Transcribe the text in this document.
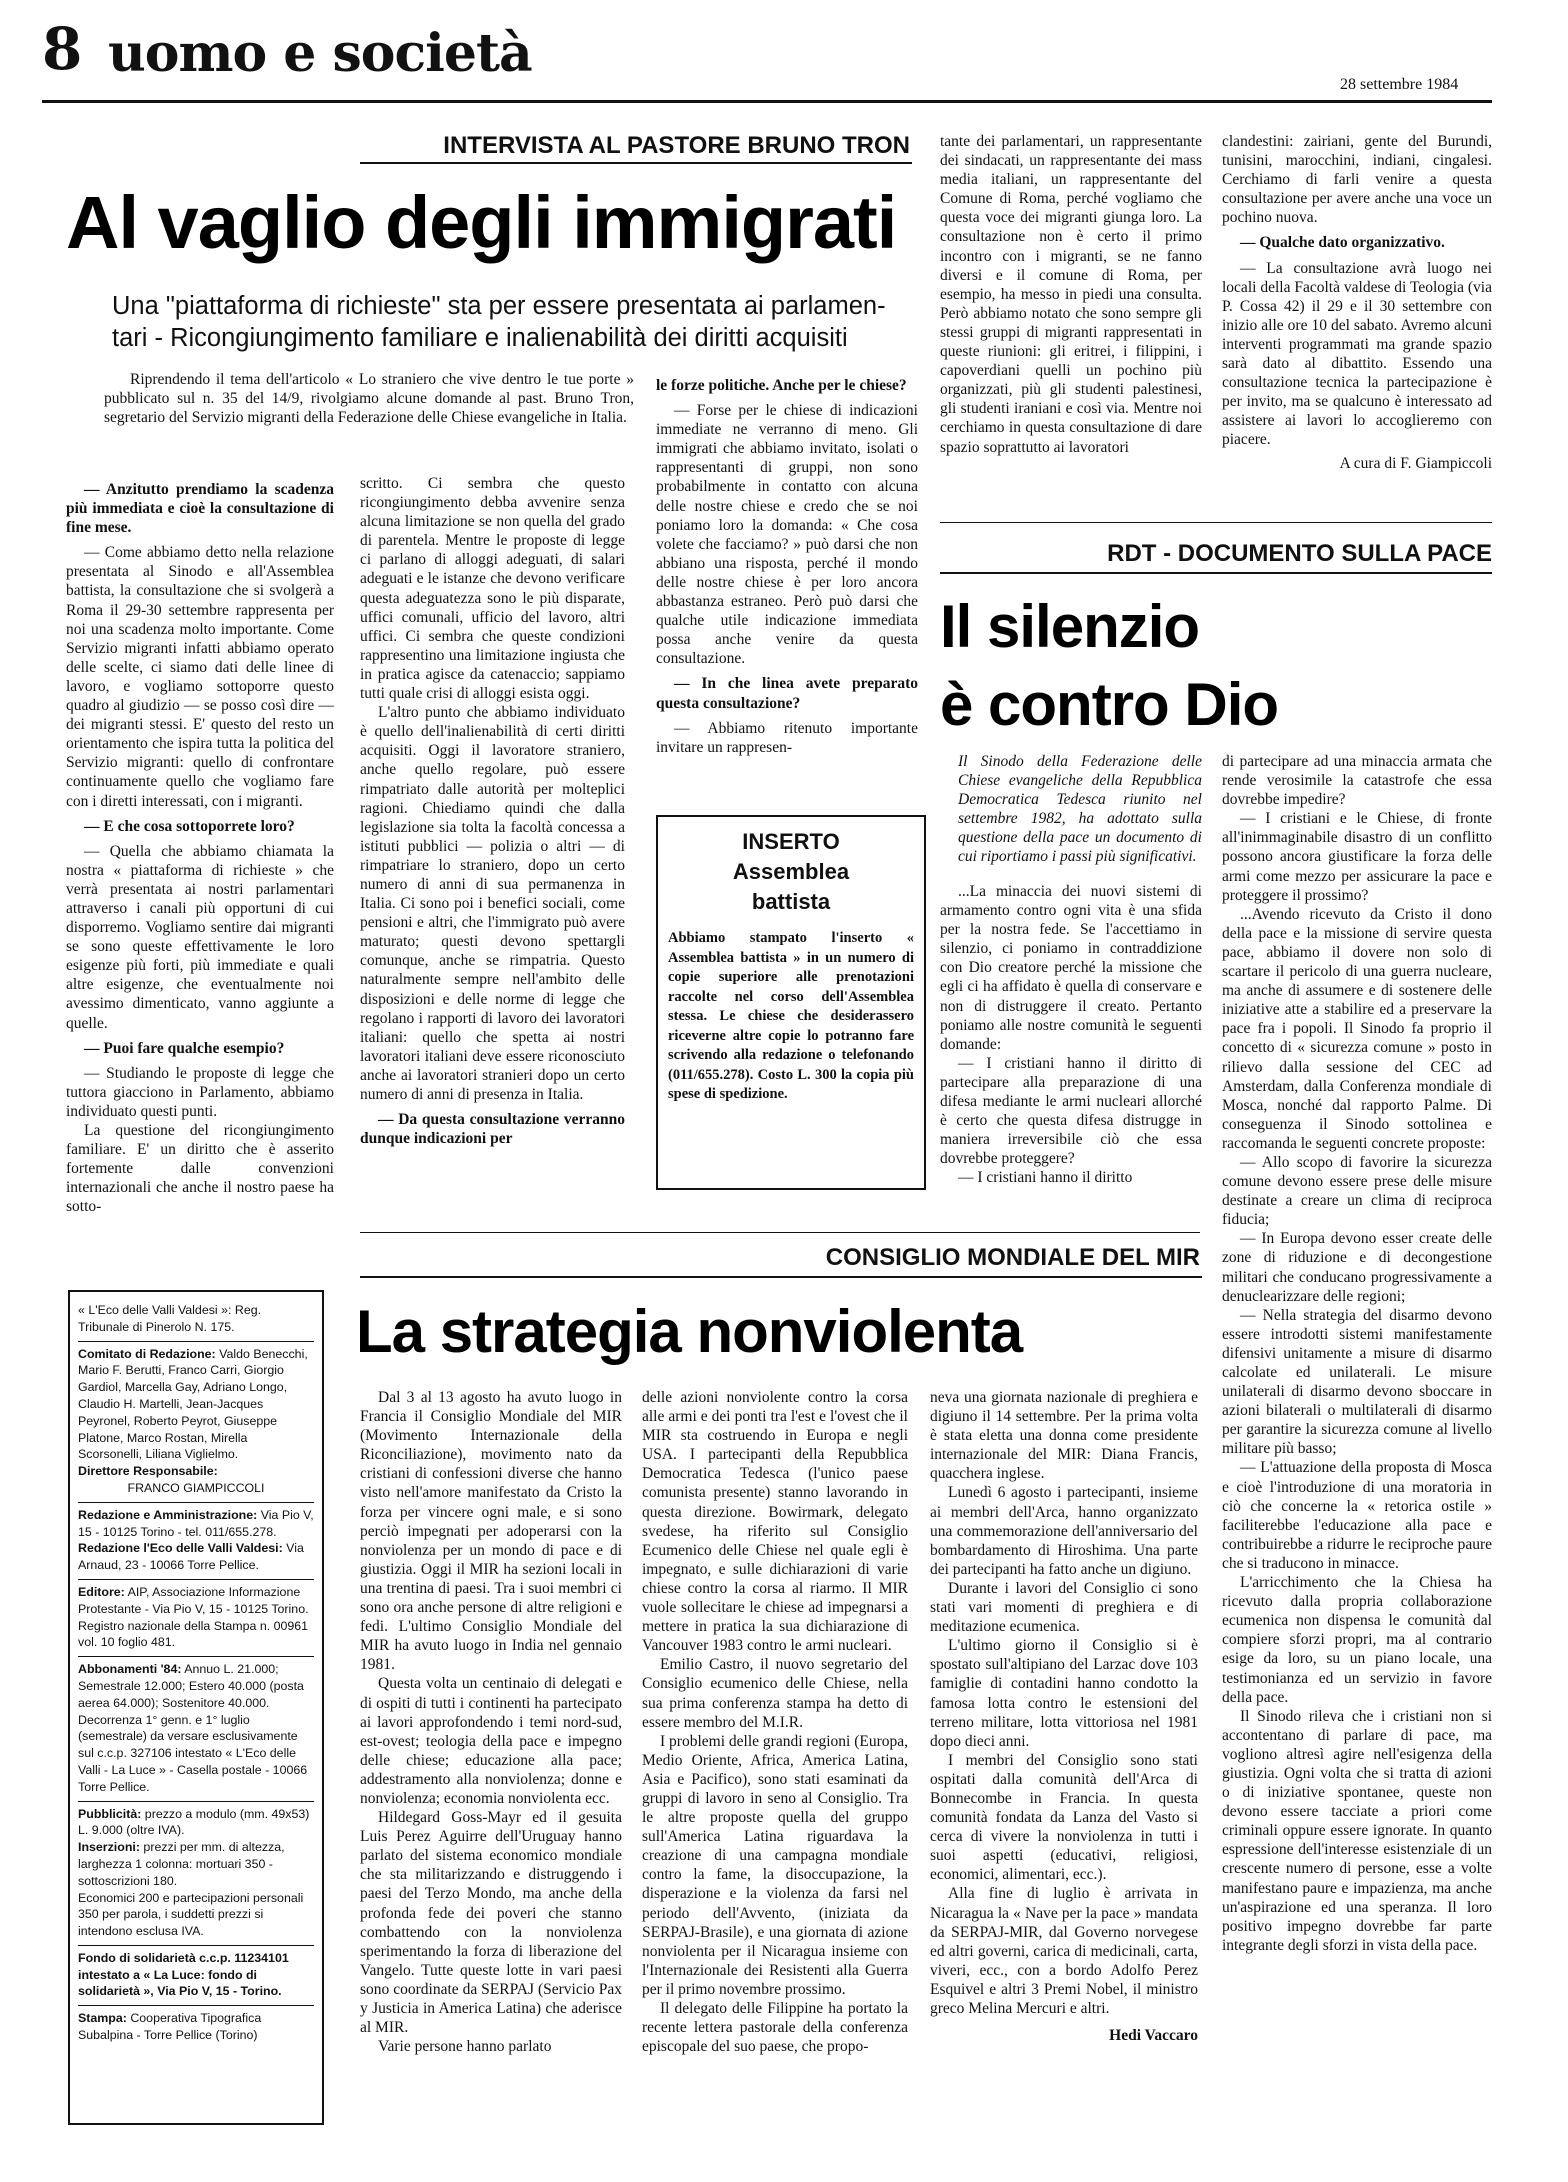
8 uomo e società
28 settembre 1984
INTERVISTA AL PASTORE BRUNO TRON
Al vaglio degli immigrati
Una "piattaforma di richieste" sta per essere presentata ai parlamen-
tari - Ricongiungimento familiare e inalienabilità dei diritti acquisiti
Riprendendo il tema dell'articolo « Lo straniero che vive dentro le tue porte » pubblicato sul n. 35 del 14/9, rivolgiamo alcune domande al past. Bruno Tron, segretario del Servizio migranti della Federazione delle Chiese evangeliche in Italia.

— Anzitutto prendiamo la scadenza più immediata e cioè la consultazione di fine mese.

— Come abbiamo detto nella relazione presentata al Sinodo e all'Assemblea battista, la consultazione che si svolgerà a Roma il 29-30 settembre rappresenta per noi una scadenza molto importante. Come Servizio migranti infatti abbiamo operato delle scelte, ci siamo dati delle linee di lavoro, e vogliamo sottoporre questo quadro al giudizio — se posso così dire — dei migranti stessi. E' questo del resto un orientamento che ispira tutta la politica del Servizio migranti: quello di confrontare continuamente quello che vogliamo fare con i diretti interessati, con i migranti.

— E che cosa sottoporrete loro?

— Quella che abbiamo chiamata la nostra « piattaforma di richieste » che verrà presentata ai nostri parlamentari attraverso i canali più opportuni di cui disporremo. Vogliamo sentire dai migranti se sono queste effettivamente le loro esigenze più forti, più immediate e quali altre esigenze, che eventualmente noi avessimo dimenticato, vanno aggiunte a quelle.

— Puoi fare qualche esempio?

— Studiando le proposte di legge che tuttora giacciono in Parlamento, abbiamo individuato questi punti.

La questione del ricongiungimento familiare. E' un diritto che è asserito fortemente dalle convenzioni internazionali che anche il nostro paese ha sotto-

scritto. Ci sembra che questo ricongiungimento debba avvenire senza alcuna limitazione se non quella del grado di parentela. Mentre le proposte di legge ci parlano di alloggi adeguati, di salari adeguati e le istanze che devono verificare questa adeguatezza sono le più disparate, uffici comunali, ufficio del lavoro, altri uffici. Ci sembra che queste condizioni rappresentino una limitazione ingiusta che in pratica agisce da catenaccio; sappiamo tutti quale crisi di alloggi esista oggi.

L'altro punto che abbiamo individuato è quello dell'inalienabilità di certi diritti acquisiti. Oggi il lavoratore straniero, anche quello regolare, può essere rimpatriato dalle autorità per molteplici ragioni. Chiediamo quindi che dalla legislazione sia tolta la facoltà concessa a istituti pubblici — polizia o altri — di rimpatriare lo straniero, dopo un certo numero di anni di sua permanenza in Italia. Ci sono poi i benefici sociali, come pensioni e altri, che l'immigrato può avere maturato; questi devono spettargli comunque, anche se rimpatria. Questo naturalmente sempre nell'ambito delle disposizioni e delle norme di legge che regolano i rapporti di lavoro dei lavoratori italiani: quello che spetta ai nostri lavoratori italiani deve essere riconosciuto anche ai lavoratori stranieri dopo un certo numero di anni di presenza in Italia.

— Da questa consultazione verranno dunque indicazioni per

le forze politiche. Anche per le chiese?

— Forse per le chiese di indicazioni immediate ne verranno di meno. Gli immigrati che abbiamo invitato, isolati o rappresentanti di gruppi, non sono probabilmente in contatto con alcuna delle nostre chiese e credo che se noi poniamo loro la domanda: « Che cosa volete che facciamo? » può darsi che non abbiano una risposta, perché il mondo delle nostre chiese è per loro ancora abbastanza estraneo. Però può darsi che qualche utile indicazione immediata possa anche venire da questa consultazione.

— In che linea avete preparato questa consultazione?

— Abbiamo ritenuto importante invitare un rappresen-

INSERTO
Assemblea
battista
Abbiamo stampato l'inserto « Assemblea battista » in un numero di copie superiore alle prenotazioni raccolte nel corso dell'Assemblea stessa. Le chiese che desiderassero riceverne altre copie lo potranno fare scrivendo alla redazione o telefonando (011/655.278). Costo L. 300 la copia più spese di spedizione.

tante dei parlamentari, un rappresentante dei sindacati, un rappresentante dei mass media italiani, un rappresentante del Comune di Roma, perché vogliamo che questa voce dei migranti giunga loro. La consultazione non è certo il primo incontro con i migranti, se ne fanno diversi e il comune di Roma, per esempio, ha messo in piedi una consulta. Però abbiamo notato che sono sempre gli stessi gruppi di migranti rappresentati in queste riunioni: gli eritrei, i filippini, i capoverdiani quelli un pochino più organizzati, più gli studenti palestinesi, gli studenti iraniani e così via. Mentre noi cerchiamo in questa consultazione di dare spazio soprattutto ai lavoratori

clandestini: zairiani, gente del Burundi, tunisini, marocchini, indiani, cingalesi. Cerchiamo di farli venire a questa consultazione per avere anche una voce un pochino nuova.

— Qualche dato organizzativo.

— La consultazione avrà luogo nei locali della Facoltà valdese di Teologia (via P. Cossa 42) il 29 e il 30 settembre con inizio alle ore 10 del sabato. Avremo alcuni interventi programmati ma grande spazio sarà dato al dibattito. Essendo una consultazione tecnica la partecipazione è per invito, ma se qualcuno è interessato ad assistere ai lavori lo accoglieremo con piacere.

A cura di F. Giampiccoli

RDT - DOCUMENTO SULLA PACE
Il silenzio
è contro Dio
Il Sinodo della Federazione delle Chiese evangeliche della Repubblica Democratica Tedesca riunito nel settembre 1982, ha adottato sulla questione della pace un documento di cui riportiamo i passi più significativi.

...La minaccia dei nuovi sistemi di armamento contro ogni vita è una sfida per la nostra fede. Se l'accettiamo in silenzio, ci poniamo in contraddizione con Dio creatore perché la missione che egli ci ha affidato è quella di conservare e non di distruggere il creato. Pertanto poniamo alle nostre comunità le seguenti domande:

— I cristiani hanno il diritto di partecipare alla preparazione di una difesa mediante le armi nucleari allorché è certo che questa difesa distrugge in maniera irreversibile ciò che essa dovrebbe proteggere?

— I cristiani hanno il diritto

di partecipare ad una minaccia armata che rende verosimile la catastrofe che essa dovrebbe impedire?

— I cristiani e le Chiese, di fronte all'inimmaginabile disastro di un conflitto possono ancora giustificare la forza delle armi come mezzo per assicurare la pace e proteggere il prossimo?

...Avendo ricevuto da Cristo il dono della pace e la missione di servire questa pace, abbiamo il dovere non solo di scartare il pericolo di una guerra nucleare, ma anche di assumere e di sostenere delle iniziative atte a stabilire ed a preservare la pace fra i popoli. Il Sinodo fa proprio il concetto di « sicurezza comune » posto in rilievo dalla sessione del CEC ad Amsterdam, dalla Conferenza mondiale di Mosca, nonché dal rapporto Palme. Di conseguenza il Sinodo sottolinea e raccomanda le seguenti concrete proposte:

— Allo scopo di favorire la sicurezza comune devono essere prese delle misure destinate a creare un clima di reciproca fiducia;

— In Europa devono esser create delle zone di riduzione e di decongestione militari che conducano progressivamente a denuclearizzare delle regioni;

— Nella strategia del disarmo devono essere introdotti sistemi manifestamente difensivi unitamente a misure di disarmo calcolate ed unilaterali. Le misure unilaterali di disarmo devono sboccare in azioni bilaterali o multilaterali di disarmo per garantire la sicurezza comune al livello militare più basso;

— L'attuazione della proposta di Mosca e cioè l'introduzione di una moratoria in ciò che concerne la « retorica ostile » faciliterebbe l'educazione alla pace e contribuirebbe a ridurre le reciproche paure che si traducono in minacce.

L'arricchimento che la Chiesa ha ricevuto dalla propria collaborazione ecumenica non dispensa le comunità dal compiere sforzi propri, ma al contrario esige da loro, su un piano locale, una testimonianza ed un servizio in favore della pace.

Il Sinodo rileva che i cristiani non si accontentano di parlare di pace, ma vogliono altresì agire nell'esigenza della giustizia. Ogni volta che si tratta di azioni o di iniziative spontanee, queste non devono essere tacciate a priori come criminali oppure essere ignorate. In quanto espressione dell'interesse esistenziale di un crescente numero di persone, esse a volte manifestano paure e impazienza, ma anche un'aspirazione ed una speranza. Il loro positivo impegno dovrebbe far parte integrante degli sforzi in vista della pace.

CONSIGLIO MONDIALE DEL MIR
La strategia nonviolenta

Dal 3 al 13 agosto ha avuto luogo in Francia il Consiglio Mondiale del MIR (Movimento Internazionale della Riconciliazione), movimento nato da cristiani di confessioni diverse che hanno visto nell'amore manifestato da Cristo la forza per vincere ogni male, e si sono perciò impegnati per adoperarsi con la nonviolenza per un mondo di pace e di giustizia. Oggi il MIR ha sezioni locali in una trentina di paesi. Tra i suoi membri ci sono ora anche persone di altre religioni e fedi. L'ultimo Consiglio Mondiale del MIR ha avuto luogo in India nel gennaio 1981.

Questa volta un centinaio di delegati e di ospiti di tutti i continenti ha partecipato ai lavori approfondendo i temi nord-sud, est-ovest; teologia della pace e impegno delle chiese; educazione alla pace; addestramento alla nonviolenza; donne e nonviolenza; economia nonviolenta ecc.

Hildegard Goss-Mayr ed il gesuita Luis Perez Aguirre dell'Uruguay hanno parlato del sistema economico mondiale che sta militarizzando e distruggendo i paesi del Terzo Mondo, ma anche della profonda fede dei poveri che stanno combattendo con la nonviolenza sperimentando la forza di liberazione del Vangelo. Tutte queste lotte in vari paesi sono coordinate da SERPAJ (Servicio Pax y Justicia in America Latina) che aderisce al MIR.

Varie persone hanno parlato

delle azioni nonviolente contro la corsa alle armi e dei ponti tra l'est e l'ovest che il MIR sta costruendo in Europa e negli USA. I partecipanti della Repubblica Democratica Tedesca (l'unico paese comunista presente) stanno lavorando in questa direzione. Bowirmark, delegato svedese, ha riferito sul Consiglio Ecumenico delle Chiese nel quale egli è impegnato, e sulle dichiarazioni di varie chiese contro la corsa al riarmo. Il MIR vuole sollecitare le chiese ad impegnarsi a mettere in pratica la sua dichiarazione di Vancouver 1983 contro le armi nucleari.

Emilio Castro, il nuovo segretario del Consiglio ecumenico delle Chiese, nella sua prima conferenza stampa ha detto di essere membro del M.I.R.

I problemi delle grandi regioni (Europa, Medio Oriente, Africa, America Latina, Asia e Pacifico), sono stati esaminati da gruppi di lavoro in seno al Consiglio. Tra le altre proposte quella del gruppo sull'America Latina riguardava la creazione di una campagna mondiale contro la fame, la disoccupazione, la disperazione e la violenza da farsi nel periodo dell'Avvento, (iniziata da SERPAJ-Brasile), e una giornata di azione nonviolenta per il Nicaragua insieme con l'Internazionale dei Resistenti alla Guerra per il primo novembre prossimo.

Il delegato delle Filippine ha portato la recente lettera pastorale della conferenza episcopale del suo paese, che propo-

neva una giornata nazionale di preghiera e digiuno il 14 settembre. Per la prima volta è stata eletta una donna come presidente internazionale del MIR: Diana Francis, quacchera inglese.

Lunedì 6 agosto i partecipanti, insieme ai membri dell'Arca, hanno organizzato una commemorazione dell'anniversario del bombardamento di Hiroshima. Una parte dei partecipanti ha fatto anche un digiuno.

Durante i lavori del Consiglio ci sono stati vari momenti di preghiera e di meditazione ecumenica.

L'ultimo giorno il Consiglio si è spostato sull'altipiano del Larzac dove 103 famiglie di contadini hanno condotto la famosa lotta contro le estensioni del terreno militare, lotta vittoriosa nel 1981 dopo dieci anni.

I membri del Consiglio sono stati ospitati dalla comunità dell'Arca di Bonnecombe in Francia. In questa comunità fondata da Lanza del Vasto si cerca di vivere la nonviolenza in tutti i suoi aspetti (educativi, religiosi, economici, alimentari, ecc.).

Alla fine di luglio è arrivata in Nicaragua la « Nave per la pace » mandata da SERPAJ-MIR, dal Governo norvegese ed altri governi, carica di medicinali, carta, viveri, ecc., con a bordo Adolfo Perez Esquivel e altri 3 Premi Nobel, il ministro greco Melina Mercuri e altri.

Hedi Vaccaro

« L'Eco delle Valli Valdesi »: Reg. Tribunale di Pinerolo N. 175.
Comitato di Redazione: Valdo Benecchi, Mario F. Berutti, Franco Carri, Giorgio Gardiol, Marcella Gay, Adriano Longo, Claudio H. Martelli, Jean-Jacques Peyronel, Roberto Peyrot, Giuseppe Platone, Marco Rostan, Mirella Scorsonelli, Liliana Viglielmo.
Direttore Responsabile:
FRANCO GIAMPICCOLI
Redazione e Amministrazione: Via Pio V, 15 - 10125 Torino - tel. 011/655.278.
Redazione l'Eco delle Valli Valdesi: Via Arnaud, 23 - 10066 Torre Pellice.
Editore: AIP, Associazione Informazione Protestante - Via Pio V, 15 - 10125 Torino. Registro nazionale della Stampa n. 00961 vol. 10 foglio 481.
Abbonamenti '84: Annuo L. 21.000; Semestrale 12.000; Estero 40.000 (posta aerea 64.000); Sostenitore 40.000. Decorrenza 1° genn. e 1° luglio (semestrale) da versare esclusivamente sul c.c.p. 327106 intestato « L'Eco delle Valli - La Luce » - Casella postale - 10066 Torre Pellice.
Pubblicità: prezzo a modulo (mm. 49x53) L. 9.000 (oltre IVA).
Inserzioni: prezzi per mm. di altezza, larghezza 1 colonna: mortuari 350 - sottoscrizioni 180.
Economici 200 e partecipazioni personali 350 per parola, i suddetti prezzi si intendono esclusa IVA.
Fondo di solidarietà c.c.p. 11234101 intestato a « La Luce: fondo di solidarietà », Via Pio V, 15 - Torino.
Stampa: Cooperativa Tipografica Subalpina - Torre Pellice (Torino)
